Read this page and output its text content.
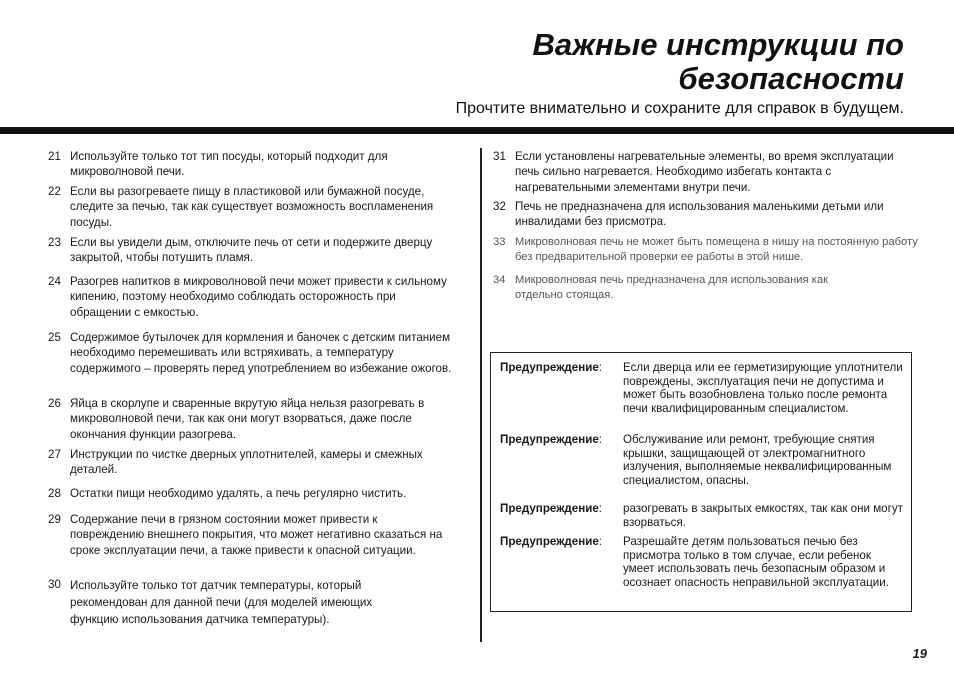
Важные инструкции по безопасности
Прочтите внимательно и сохраните для справок в будущем.
21 Используйте только тот тип посуды, который подходит для микроволновой печи.
22 Если вы разогреваете пищу в пластиковой или бумажной посуде, следите за печью, так как существует возможность воспламенения посуды.
23 Если вы увидели дым, отключите печь от сети и подержите дверцу закрытой, чтобы потушить пламя.
24 Разогрев напитков в микроволновой печи может привести к сильному кипению, поэтому необходимо соблюдать осторожность при обращении с емкостью.
25 Содержимое бутылочек для кормления и баночек с детским питанием необходимо перемешивать или встряхивать, а температуру содержимого – проверять перед употреблением во избежание ожогов.
26 Яйца в скорлупе и сваренные вкрутую яйца нельзя разогревать в микроволновой печи, так как они могут взорваться, даже после окончания функции разогрева.
27 Инструкции по чистке дверных уплотнителей, камеры и смежных деталей.
28 Остатки пищи необходимо удалять, а печь регулярно чистить.
29 Содержание печи в грязном состоянии может привести к повреждению внешнего покрытия, что может негативно сказаться на сроке эксплуатации печи, а также привести к опасной ситуации.
30 Используйте только тот датчик температуры, который рекомендован для данной печи (для моделей имеющих функцию использования датчика температуры).
31 Если установлены нагревательные элементы, во время эксплуатации печь сильно нагревается. Необходимо избегать контакта с нагревательными элементами внутри печи.
32 Печь не предназначена для использования маленькими детьми или инвалидами без присмотра.
33 Микроволновая печь не может быть помещена в нишу на постоянную работу без предварительной проверки ее работы в этой нише.
34 Микроволновая печь предназначена для использования как отдельно стоящая.
Предупреждение : Если дверца или ее герметизирующие уплотнители повреждены, эксплуатация печи не допустима и может быть возобновлена только после ремонта печи квалифицированным специалистом.
Предупреждение : Обслуживание или ремонт, требующие снятия крышки, защищающей от электромагнитного излучения, выполняемые неквалифицированным специалистом, опасны.
Предупреждение : разогревать в закрытых емкостях, так как они могут взорваться.
Предупреждение : Разрешайте детям пользоваться печью без присмотра только в том случае, если ребенок умеет использовать печь безопасным образом и осознает опасность неправильной эксплуатации.
19
